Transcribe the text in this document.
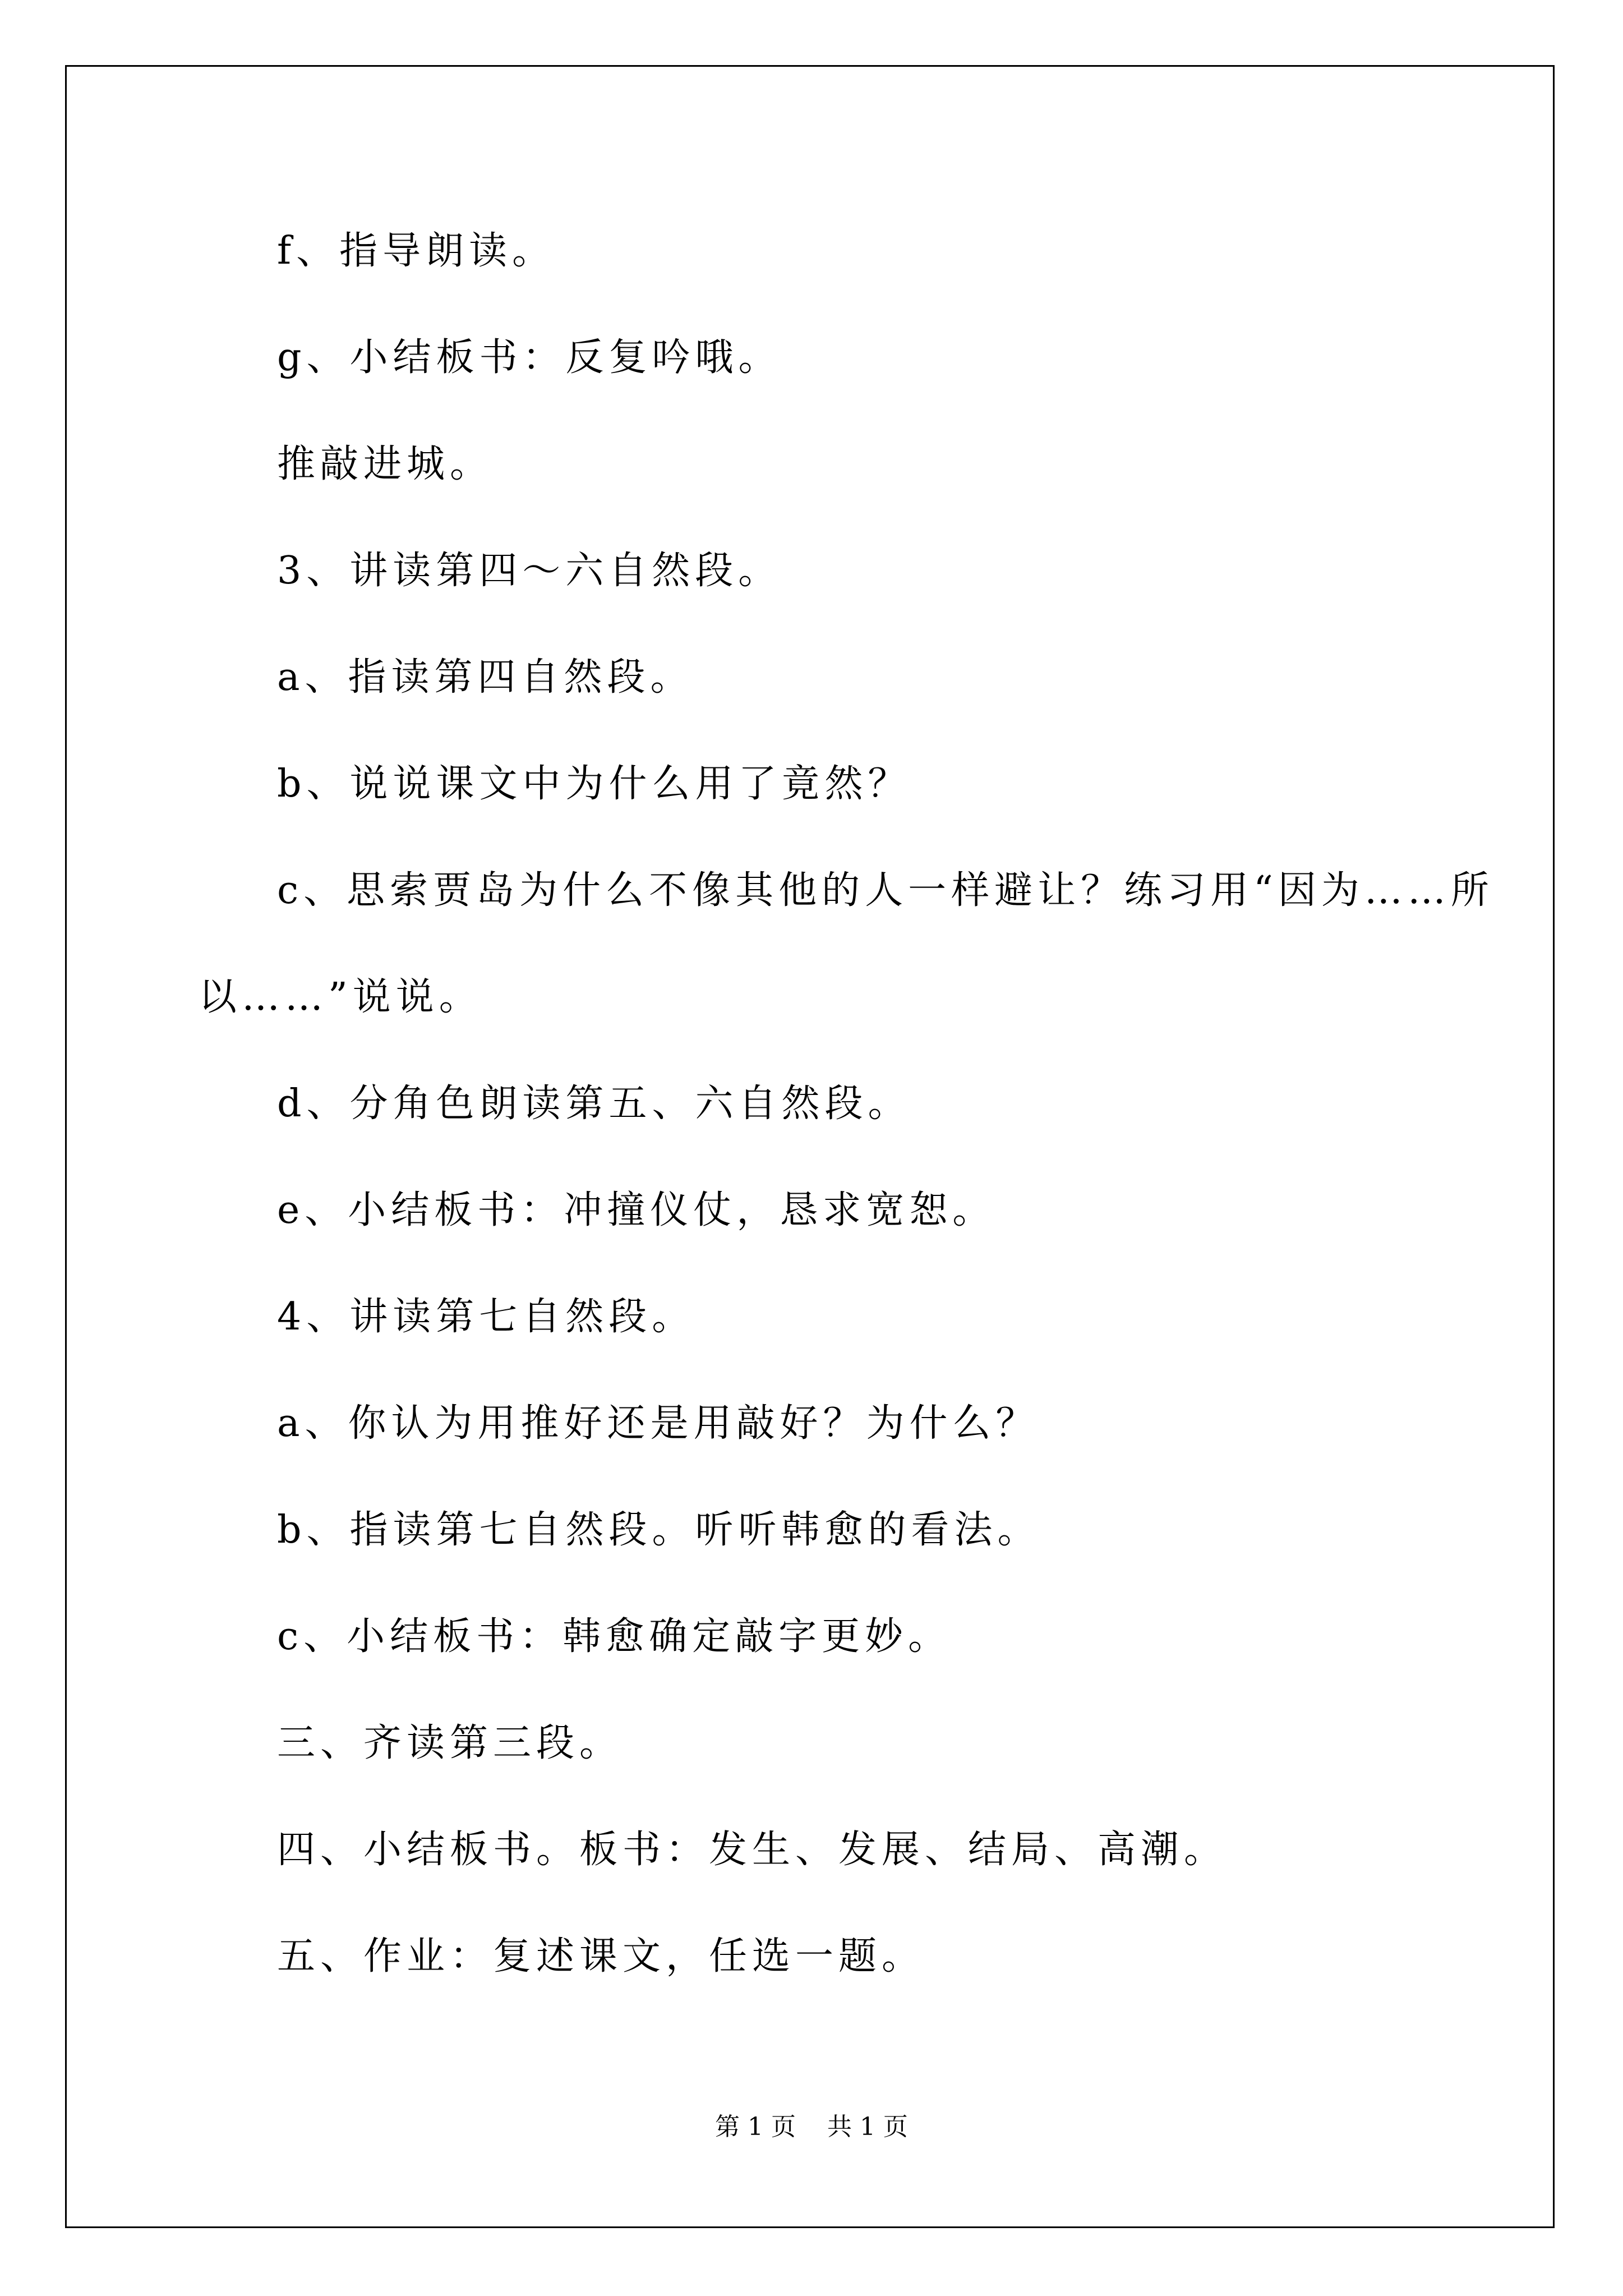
f、指导朗读。
g、小结板书：反复吟哦。
推敲进城。
3、讲读第四～六自然段。
a、指读第四自然段。
b、说说课文中为什么用了竟然？
c、思索贾岛为什么不像其他的人一样避让？练习用“因为……所
以……”说说。
d、分角色朗读第五、六自然段。
e、小结板书：冲撞仪仗，恳求宽恕。
4、讲读第七自然段。
a、你认为用推好还是用敲好？为什么？
b、指读第七自然段。听听韩愈的看法。
c、小结板书：韩愈确定敲字更妙。
三、齐读第三段。
四、小结板书。板书：发生、发展、结局、高潮。
五、作业：复述课文，任选一题。
第 1 页    共 1 页
